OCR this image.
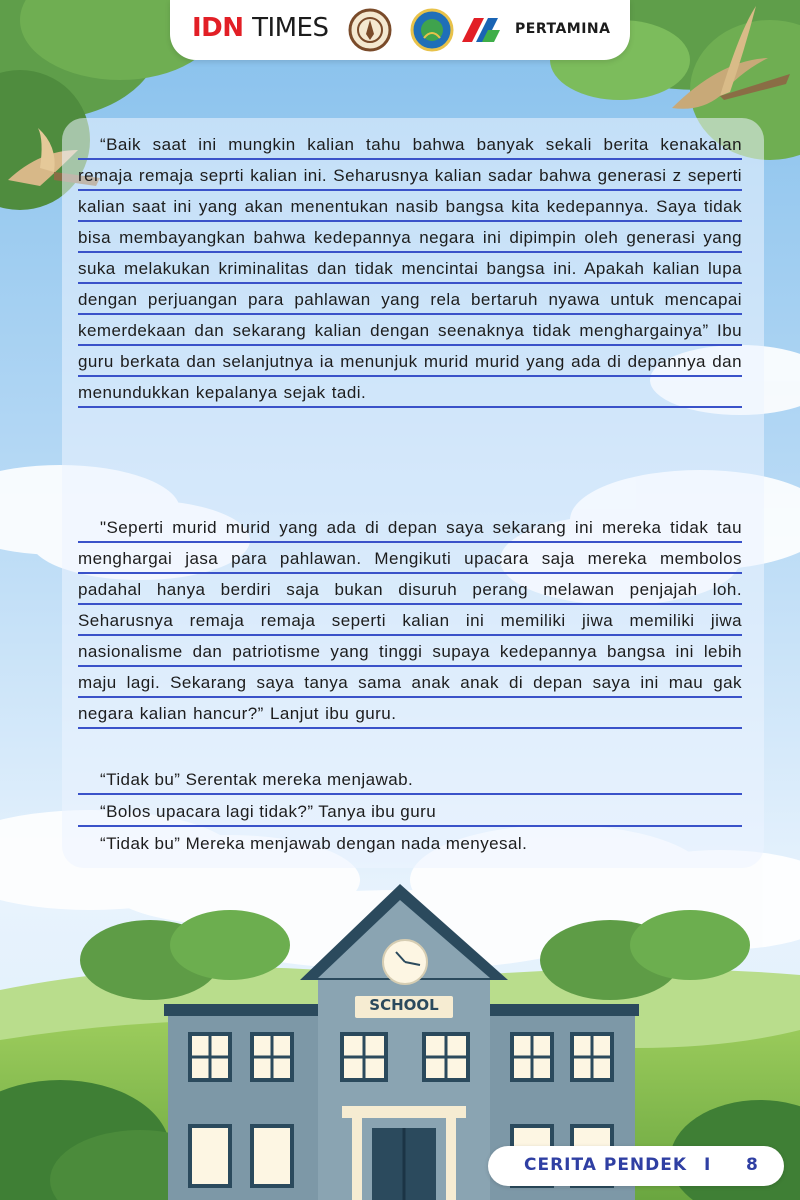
IDN TIMES	PERTAMINA
SCHOOL

“Baik saat ini mungkin kalian tahu bahwa banyak sekali berita kenakalan remaja remaja seprti kalian ini. Seharusnya kalian sadar bahwa generasi z seperti kalian saat ini yang akan menentukan nasib bangsa kita kedepannya. Saya tidak bisa membayangkan bahwa kedepannya negara ini dipimpin oleh generasi yang suka melakukan kriminalitas dan tidak mencintai bangsa ini. Apakah kalian lupa dengan perjuangan para pahlawan yang rela bertaruh nyawa untuk mencapai kemerdekaan dan sekarang kalian dengan seenaknya tidak menghargainya” Ibu guru berkata dan selanjutnya ia menunjuk murid murid yang ada di depannya dan menundukkan kepalanya sejak tadi.

"Seperti murid murid yang ada di depan saya sekarang ini mereka tidak tau menghargai jasa para pahlawan. Mengikuti upacara saja mereka membolos padahal hanya berdiri saja bukan disuruh perang melawan penjajah loh. Seharusnya remaja remaja seperti kalian ini memiliki jiwa memiliki jiwa nasionalisme dan patriotisme yang tinggi supaya kedepannya bangsa ini lebih maju lagi. Sekarang saya tanya sama anak anak di depan saya ini mau gak negara kalian hancur?” Lanjut ibu guru.

“Tidak bu” Serentak mereka menjawab.

“Bolos upacara lagi tidak?” Tanya ibu guru

“Tidak bu” Mereka menjawab dengan nada menyesal.

CERITA PENDEK I 8
